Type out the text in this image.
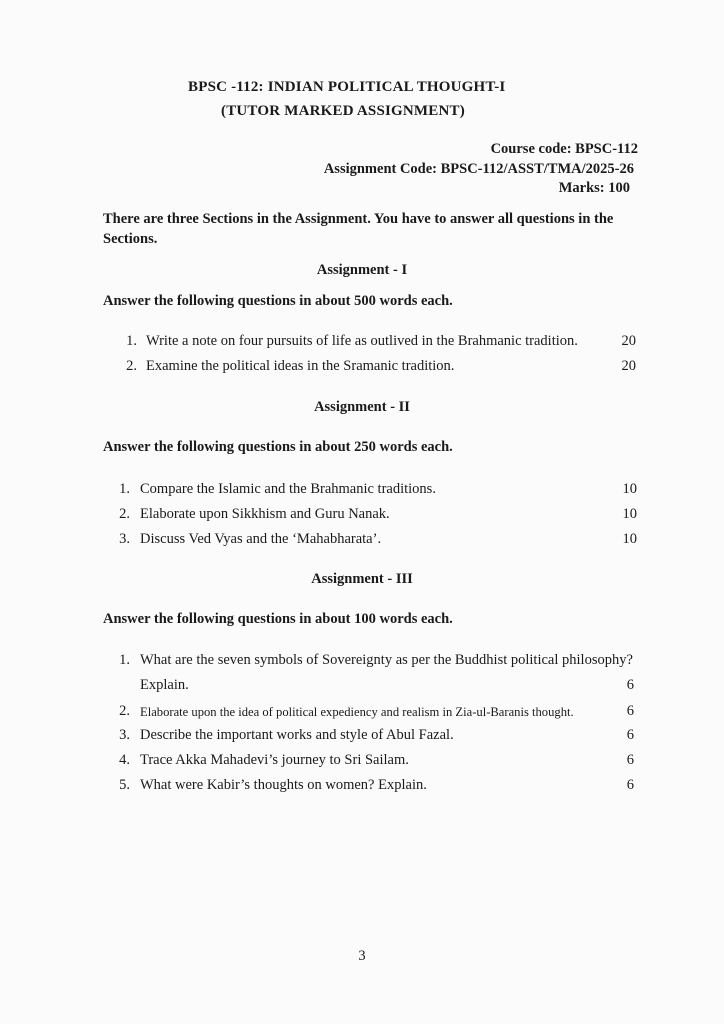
BPSC -112: INDIAN POLITICAL THOUGHT-I
(TUTOR MARKED ASSIGNMENT)
Course code: BPSC-112
Assignment Code: BPSC-112/ASST/TMA/2025-26
Marks: 100
There are three Sections in the Assignment. You have to answer all questions in the
Sections.
Assignment - I
Answer the following questions in about 500 words each.
1. Write a note on four pursuits of life as outlived in the Brahmanic tradition.	20
2. Examine the political ideas in the Sramanic tradition.	20
Assignment - II
Answer the following questions in about 250 words each.
1. Compare the Islamic and the Brahmanic traditions.	10
2. Elaborate upon Sikkhism and Guru Nanak.	10
3. Discuss Ved Vyas and the ‘Mahabharata’.	10
Assignment - III
Answer the following questions in about 100 words each.
1. What are the seven symbols of Sovereignty as per the Buddhist political philosophy?
Explain.	6
2. Elaborate upon the idea of political expediency and realism in Zia-ul-Baranis thought.	6
3. Describe the important works and style of Abul Fazal.	6
4. Trace Akka Mahadevi’s journey to Sri Sailam.	6
5. What were Kabir’s thoughts on women? Explain.	6
3
